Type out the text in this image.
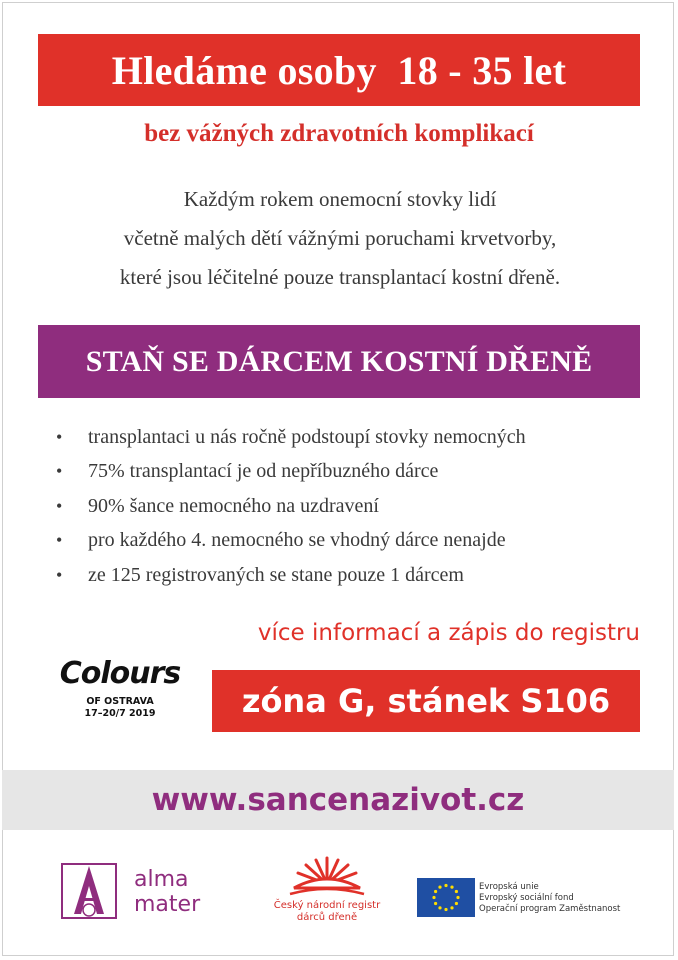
Hledáme osoby  18 - 35 let
bez vážných zdravotních komplikací
Každým rokem onemocní stovky lidí
včetně malých dětí vážnými poruchami krvetvorby,
které jsou léčitelné pouze transplantací kostní dřeně.
STAŇ SE DÁRCEM KOSTNÍ DŘENĚ
•	transplantaci u nás ročně podstoupí stovky nemocných
•	75% transplantací je od nepříbuzného dárce
•	90% šance nemocného na uzdravení
•	pro každého 4. nemocného se vhodný dárce nenajde
•	ze 125 registrovaných se stane pouze 1 dárcem
Colours
OF OSTRAVA
17–20/7 2019
více informací a zápis do registru
zóna G, stánek S106
www.sancenazivot.cz
alma
mater	Český národní registr
dárců dřeně
Evropská unie
Evropský sociální fond
Operační program Zaměstnanost
